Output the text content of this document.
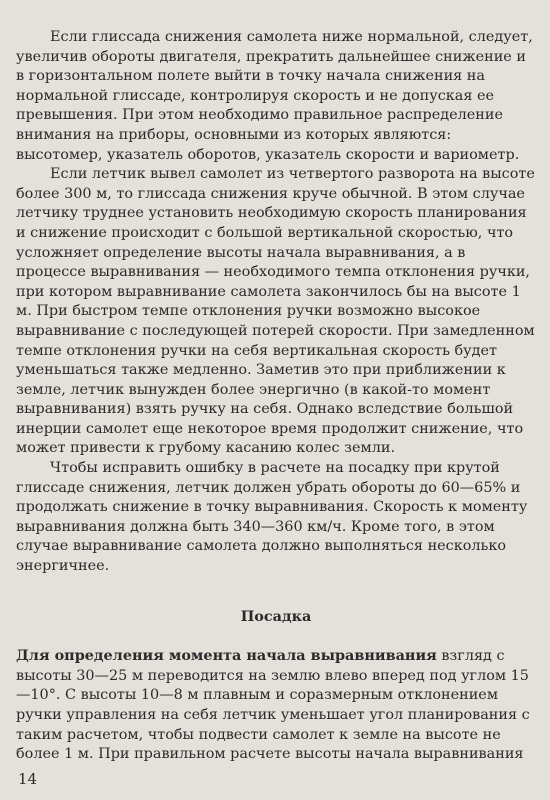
Если глиссада снижения самолета ниже нормальной, следует, увеличив обороты двигателя, прекратить дальнейшее снижение и в горизонтальном полете выйти в точку начала снижения на нормальной глиссаде, контролируя скорость и не допуская ее превышения. При этом необходимо правильное распределение внимания на приборы, основными из которых являются: высотомер, указатель оборотов, указатель скорости и вариометр.

Если летчик вывел самолет из четвертого разворота на высоте более 300 м, то глиссада снижения круче обычной. В этом случае летчику труднее установить необходимую скорость планирования и снижение происходит с большой вертикальной скоростью, что усложняет определение высоты начала выравнивания, а в процессе выравнивания — необходимого темпа отклонения ручки, при котором выравнивание самолета закончилось бы на высоте 1 м. При быстром темпе отклонения ручки возможно высокое выравнивание с последующей потерей скорости. При замедленном темпе отклонения ручки на себя вертикальная скорость будет уменьшаться также медленно. Заметив это при приближении к земле, летчик вынужден более энергично (в какой-то момент выравнивания) взять ручку на себя. Однако вследствие большой инерции самолет еще некоторое время продолжит снижение, что может привести к грубому касанию колес земли.

Чтобы исправить ошибку в расчете на посадку при крутой глиссаде снижения, летчик должен убрать обороты до 60—65% и продолжать снижение в точку выравнивания. Скорость к моменту выравнивания должна быть 340—360 км/ч. Кроме того, в этом случае выравнивание самолета должно выполняться несколько энергичнее.

Посадка

Для определения момента начала выравнивания взгляд с высоты 30—25 м переводится на землю влево вперед под углом 15—10°. С высоты 10—8 м плавным и соразмерным отклонением ручки управления на себя летчик уменьшает угол планирования с таким расчетом, чтобы подвести самолет к земле на высоте не более 1 м. При правильном расчете высоты начала выравнивания

14
